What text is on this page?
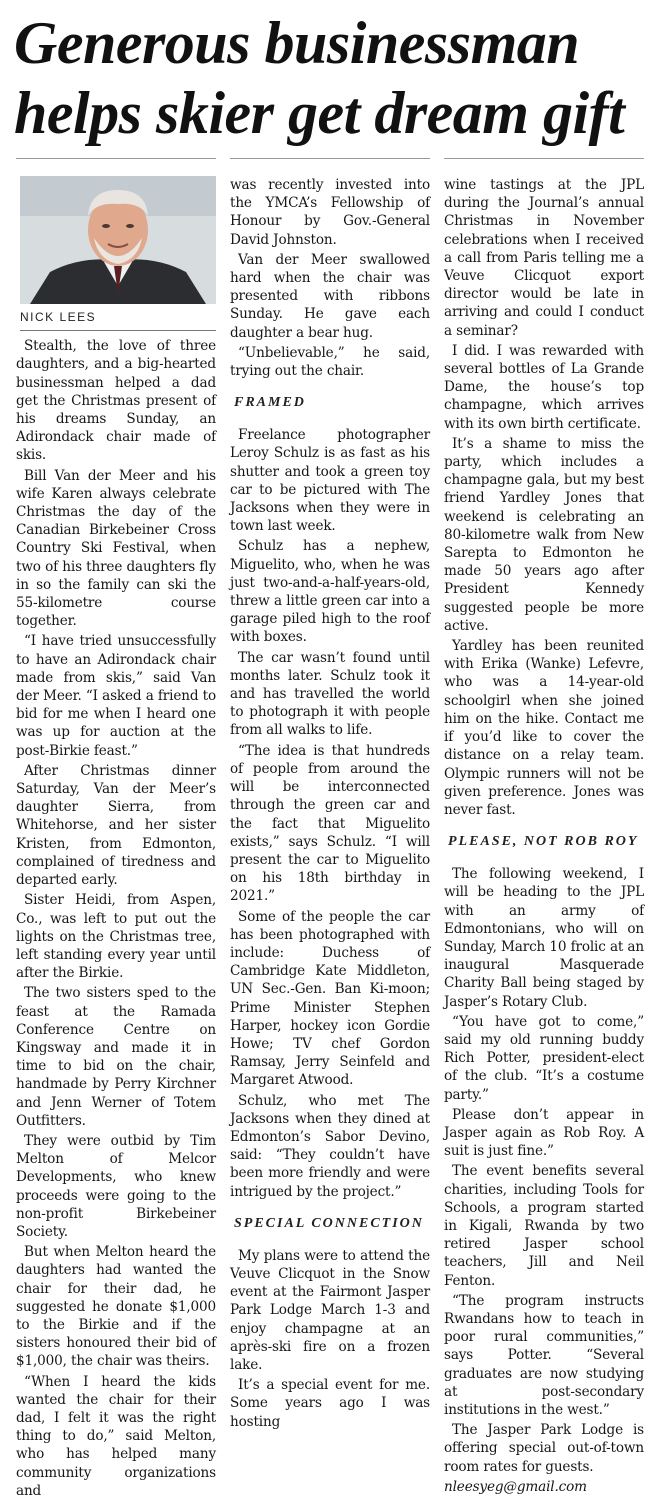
Generous businessman
helps skier get dream gift
NICK LEES

Stealth, the love of three daughters, and a big-hearted businessman helped a dad get the Christmas present of his dreams Sunday, an Adirondack chair made of skis.

Bill Van der Meer and his wife Karen always celebrate Christmas the day of the Canadian Birkebeiner Cross Country Ski Festival, when two of his three daughters fly in so the family can ski the 55-kilometre course together.

“I have tried unsuccessfully to have an Adirondack chair made from skis,” said Van der Meer. “I asked a friend to bid for me when I heard one was up for auction at the post-Birkie feast.”

After Christmas dinner Saturday, Van der Meer’s daughter Sierra, from Whitehorse, and her sister Kristen, from Edmonton, complained of tiredness and departed early.

Sister Heidi, from Aspen, Co., was left to put out the lights on the Christmas tree, left standing every year until after the Birkie.

The two sisters sped to the feast at the Ramada Conference Centre on Kingsway and made it in time to bid on the chair, handmade by Perry Kirchner and Jenn Werner of Totem Outfitters.

They were outbid by Tim Melton of Melcor Developments, who knew proceeds were going to the non-profit Birkebeiner Society.

But when Melton heard the daughters had wanted the chair for their dad, he suggested he donate $1,000 to the Birkie and if the sisters honoured their bid of $1,000, the chair was theirs.

“When I heard the kids wanted the chair for their dad, I felt it was the right thing to do,” said Melton, who has helped many community organizations and

was recently invested into the YMCA’s Fellowship of Honour by Gov.-General David Johnston.

Van der Meer swallowed hard when the chair was presented with ribbons Sunday. He gave each daughter a bear hug.

“Unbelievable,” he said, trying out the chair.

FRAMED

Freelance photographer Leroy Schulz is as fast as his shutter and took a green toy car to be pictured with The Jacksons when they were in town last week.

Schulz has a nephew, Miguelito, who, when he was just two-and-a-half-years-old, threw a little green car into a garage piled high to the roof with boxes.

The car wasn’t found until months later. Schulz took it and has travelled the world to photograph it with people from all walks to life.

“The idea is that hundreds of people from around the will be interconnected through the green car and the fact that Miguelito exists,” says Schulz. “I will present the car to Miguelito on his 18th birthday in 2021.”

Some of the people the car has been photographed with include: Duchess of Cambridge Kate Middleton, UN Sec.-Gen. Ban Ki-moon; Prime Minister Stephen Harper, hockey icon Gordie Howe; TV chef Gordon Ramsay, Jerry Seinfeld and Margaret Atwood.

Schulz, who met The Jacksons when they dined at Edmonton’s Sabor Devino, said: “They couldn’t have been more friendly and were intrigued by the project.”

SPECIAL CONNECTION

My plans were to attend the Veuve Clicquot in the Snow event at the Fairmont Jasper Park Lodge March 1-3 and enjoy champagne at an après-ski fire on a frozen lake.

It’s a special event for me. Some years ago I was hosting

wine tastings at the JPL during the Journal’s annual Christmas in November celebrations when I received a call from Paris telling me a Veuve Clicquot export director would be late in arriving and could I conduct a seminar?

I did. I was rewarded with several bottles of La Grande Dame, the house’s top champagne, which arrives with its own birth certificate.

It’s a shame to miss the party, which includes a champagne gala, but my best friend Yardley Jones that weekend is celebrating an 80-kilometre walk from New Sarepta to Edmonton he made 50 years ago after President Kennedy suggested people be more active.

Yardley has been reunited with Erika (Wanke) Lefevre, who was a 14-year-old schoolgirl when she joined him on the hike. Contact me if you’d like to cover the distance on a relay team. Olympic runners will not be given preference. Jones was never fast.

PLEASE, NOT ROB ROY

The following weekend, I will be heading to the JPL with an army of Edmontonians, who will on Sunday, March 10 frolic at an inaugural Masquerade Charity Ball being staged by Jasper’s Rotary Club.

“You have got to come,” said my old running buddy Rich Potter, president-elect of the club. “It’s a costume party.”

Please don’t appear in Jasper again as Rob Roy. A suit is just fine.”

The event benefits several charities, including Tools for Schools, a program started in Kigali, Rwanda by two retired Jasper school teachers, Jill and Neil Fenton.

“The program instructs Rwandans how to teach in poor rural communities,” says Potter. “Several graduates are now studying at post-secondary institutions in the west.”

The Jasper Park Lodge is offering special out-of-town room rates for guests.

nleesyeg@gmail.com
